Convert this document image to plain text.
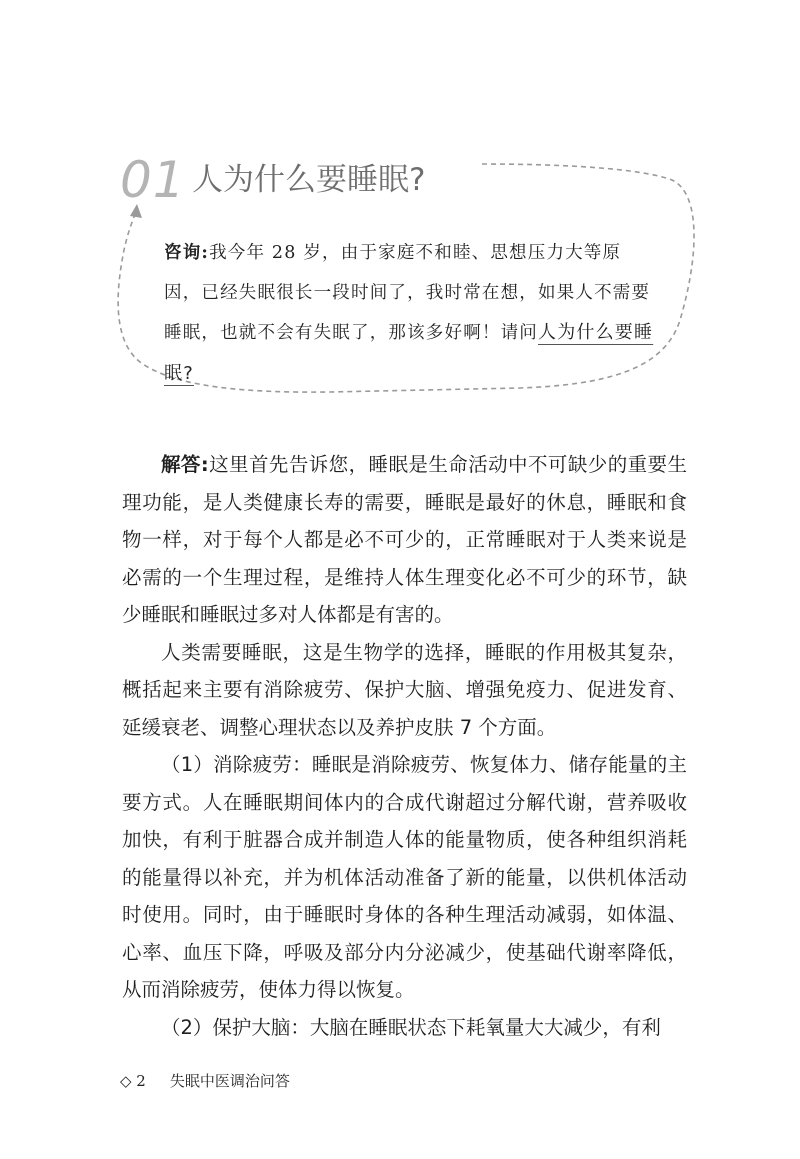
01 人为什么要睡眠?
咨询:我今年 28 岁，由于家庭不和睦、思想压力大等原因，已经失眠很长一段时间了，我时常在想，如果人不需要睡眠，也就不会有失眠了，那该多好啊！请问人为什么要睡眠?

解答:这里首先告诉您，睡眠是生命活动中不可缺少的重要生理功能，是人类健康长寿的需要，睡眠是最好的休息，睡眠和食物一样，对于每个人都是必不可少的，正常睡眠对于人类来说是必需的一个生理过程，是维持人体生理变化必不可少的环节，缺少睡眠和睡眠过多对人体都是有害的。

人类需要睡眠，这是生物学的选择，睡眠的作用极其复杂，概括起来主要有消除疲劳、保护大脑、增强免疫力、促进发育、延缓衰老、调整心理状态以及养护皮肤 7 个方面。

（1）消除疲劳：睡眠是消除疲劳、恢复体力、储存能量的主要方式。人在睡眠期间体内的合成代谢超过分解代谢，营养吸收加快，有利于脏器合成并制造人体的能量物质，使各种组织消耗的能量得以补充，并为机体活动准备了新的能量，以供机体活动时使用。同时，由于睡眠时身体的各种生理活动减弱，如体温、心率、血压下降，呼吸及部分内分泌减少，使基础代谢率降低，从而消除疲劳，使体力得以恢复。

（2）保护大脑：大脑在睡眠状态下耗氧量大大减少，有利

◇ 2 失眠中医调治问答
